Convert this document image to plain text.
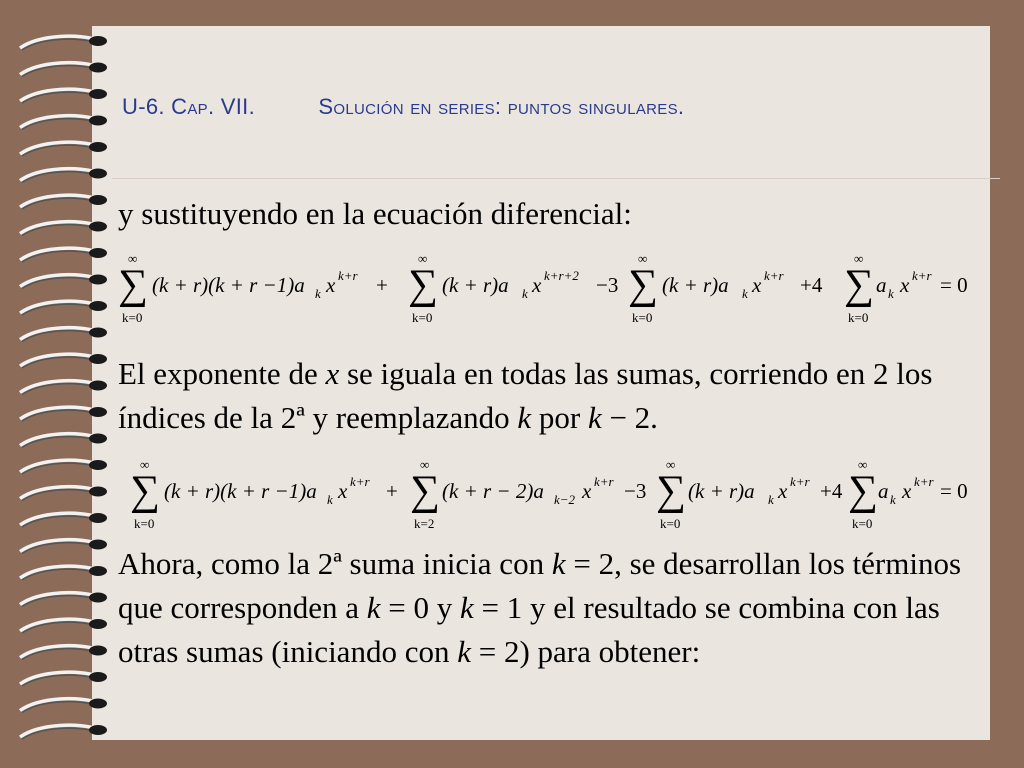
U-6. Cap. VII.	Solución en series: puntos singulares.

y sustituyendo en la ecuación diferencial:

∞
∑
k=0
(k + r)(k + r −1)a k x k+r +
∞
∑
k=0
(k + r)a k x k+r+2 −3
∞
∑
k=0
(k + r)a k x k+r +4
∞
∑
k=0
a k x k+r = 0

El exponente de x se iguala en todas las sumas, corriendo en 2 los índices de la 2ª y reemplazando k por k − 2.

∞
∑
k=0
(k + r)(k + r −1)a k x k+r +
∞
∑
k=2
(k + r − 2)a k−2 x k+r −3
∞
∑
k=0
(k + r)a k x k+r +4
∞
∑
k=0
a k x k+r = 0

Ahora, como la 2ª suma inicia con k = 2, se desarrollan los términos que corresponden a k = 0 y k = 1 y el resultado se combina con las otras sumas (iniciando con k = 2) para obtener:
